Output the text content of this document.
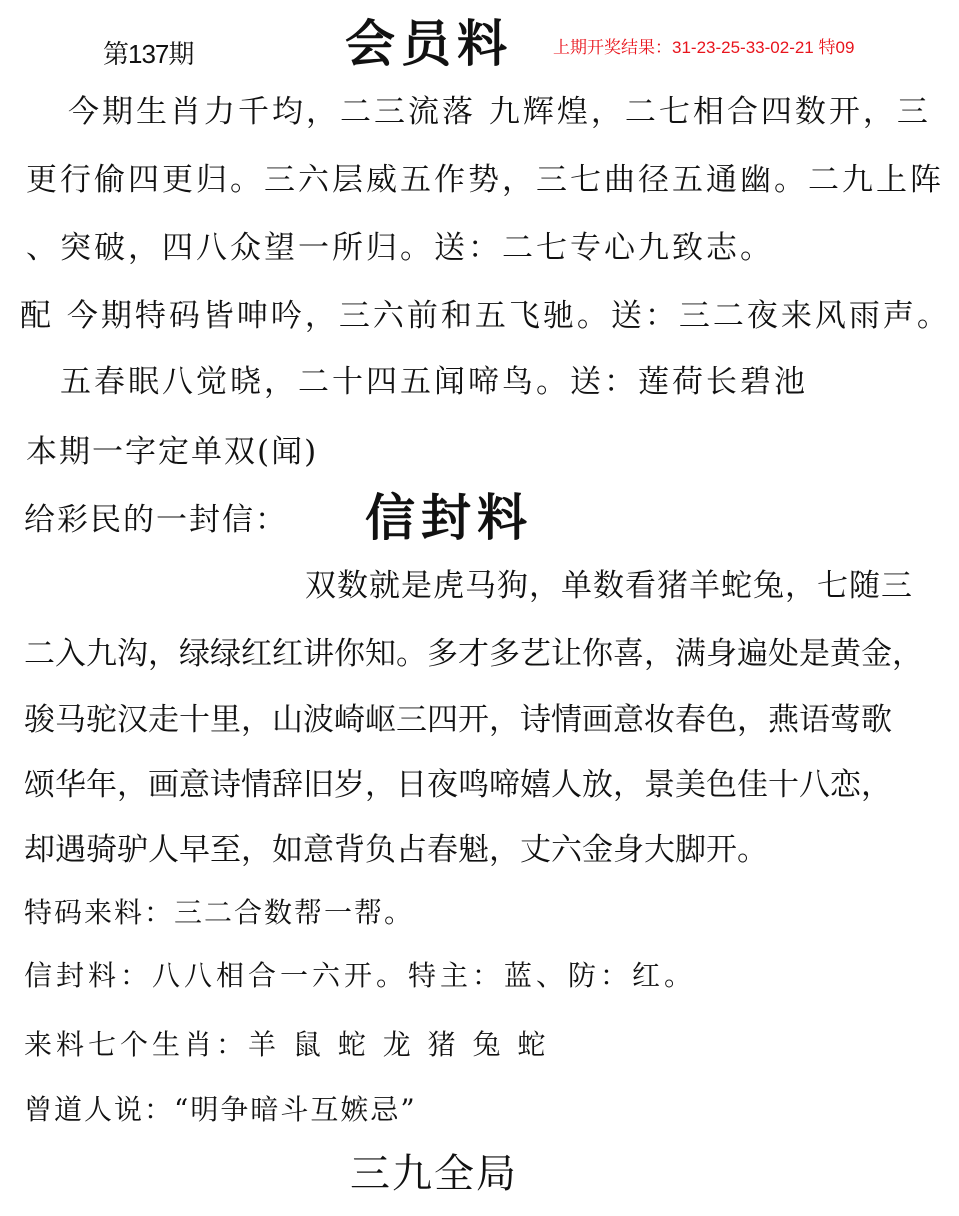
第137期	会员料 上期开奖结果：31-23-25-33-02-21 特09
今期生肖力千均，二三流落 九辉煌，二七相合四数开，三
更行偷四更归。三六层威五作势，三七曲径五通幽。二九上阵
、突破，四八众望一所归。送：二七专心九致志。
配 今期特码皆呻吟，三六前和五飞驰。送：三二夜来风雨声。
五春眠八觉晓，二十四五闻啼鸟。送：莲荷长碧池
本期一字定单双(闻)
给彩民的一封信： 信封料
双数就是虎马狗，单数看猪羊蛇兔，七随三
二入九沟，绿绿红红讲你知。多才多艺让你喜，满身遍处是黄金，
骏马驼汉走十里，山波崎岖三四开，诗情画意妆春色，燕语莺歌
颂华年，画意诗情辞旧岁，日夜鸣啼嬉人放，景美色佳十八恋，
却遇骑驴人早至，如意背负占春魁，丈六金身大脚开。
特码来料：三二合数帮一帮。
信封料：八八相合一六开。特主：蓝、防：红。
来料七个生肖：羊 鼠 蛇 龙 猪 兔 蛇
曾道人说：“明争暗斗互嫉忌”
三九全局
